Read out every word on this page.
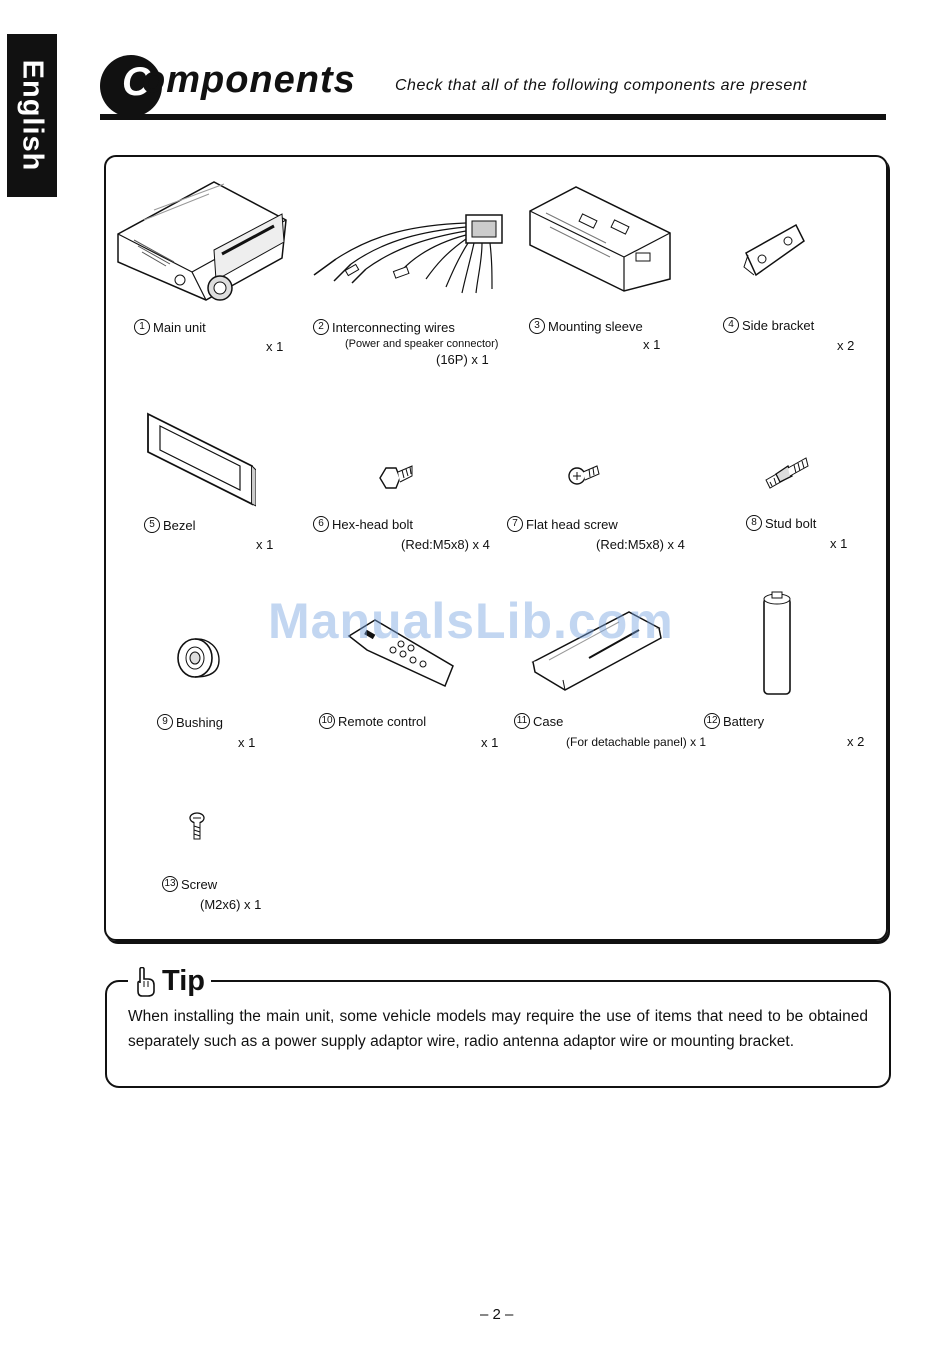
English C
omponents Check that all of the following components are present
1 Main unit
x 1
2 Interconnecting wires
(Power and speaker connector)
(16P) x 1
3 Mounting sleeve
x 1
4 Side bracket
x 2
5 Bezel
x 1
6 Hex-head bolt
(Red:M5x8) x 4
7 Flat head screw
(Red:M5x8) x 4
8 Stud bolt
x 1
9 Bushing
x 1
10 Remote control
x 1
11 Case
(For detachable panel) x 1
12 Battery
x 2
13 Screw
(M2x6) x 1
ManualsLib.com
Tip
When installing the main unit, some vehicle models may require the use of items that need to be obtained separately such as a power supply adaptor wire, radio antenna adaptor wire or mounting bracket.
– 2 –
